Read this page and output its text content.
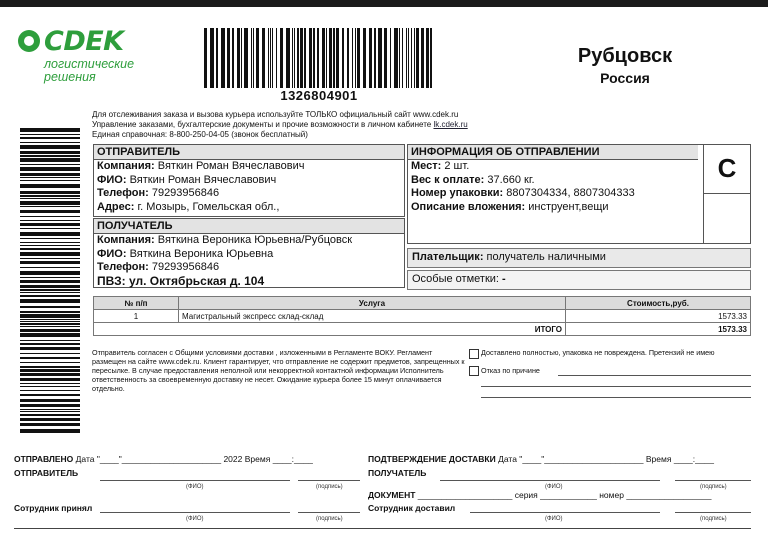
CDEK
логистические
решения
1326804901
Рубцовск
Россия
Для отслеживания заказа и вызова курьера используйте ТОЛЬКО официальный сайт www.cdek.ru
Управление заказами, бухгалтерские документы и прочие возможности в личном кабинете lk.cdek.ru
Единая справочная: 8-800-250-04-05 (звонок бесплатный)
ОТПРАВИТЕЛЬ
Компания: Вяткин Роман Вячеславович
ФИО: Вяткин Роман Вячеславович
Телефон: 79293956846
Адрес: г. Мозырь, Гомельская обл.,
ПОЛУЧАТЕЛЬ
Компания: Вяткина Вероника Юрьевна/Рубцовск
ФИО: Вяткина Вероника Юрьевна
Телефон: 79293956846
ПВЗ: ул. Октябрьская д. 104
ИНФОРМАЦИЯ ОБ ОТПРАВЛЕНИИ
Мест: 2 шт.
Вес к оплате: 37.660 кг.
Номер упаковки: 8807304334, 8807304333
Описание вложения: инструент,вещи
С
Плательщик: получатель наличными
Особые отметки: -
№ п/п	Услуга	Стоимость,руб.
1	Магистральный экспресс склад-склад	1573.33
ИТОГО		1573.33
Отправитель согласен с Общими условиями доставки , изложенными в Регламенте ВОКУ. Регламент размещен на сайте www.cdek.ru. Клиент гарантирует, что отправление не содержит предметов, запрещенных к пересылке. В случае предоставления неполной или некорректной контактной информации Исполнитель ответственность за своевременную доставку не несет. Ожидание курьера более 15 минут оплачивается отдельно.
Доставлено полностью, упаковка не повреждена. Претензий не имею
Отказ по причине
ОТПРАВЛЕНО Дата "____"_____________________ 2022 Время ____:____
ОТПРАВИТЕЛЬ
(ФИО)	(подпись)
Сотрудник принял
(ФИО)	(подпись)
ПОДТВЕРЖДЕНИЕ ДОСТАВКИ Дата "____"_____________________ Время ____:____
ПОЛУЧАТЕЛЬ
(ФИО)	(подпись)
ДОКУМЕНТ ____________________ серия ____________ номер __________________
Сотрудник доставил
(ФИО)	(подпись)
